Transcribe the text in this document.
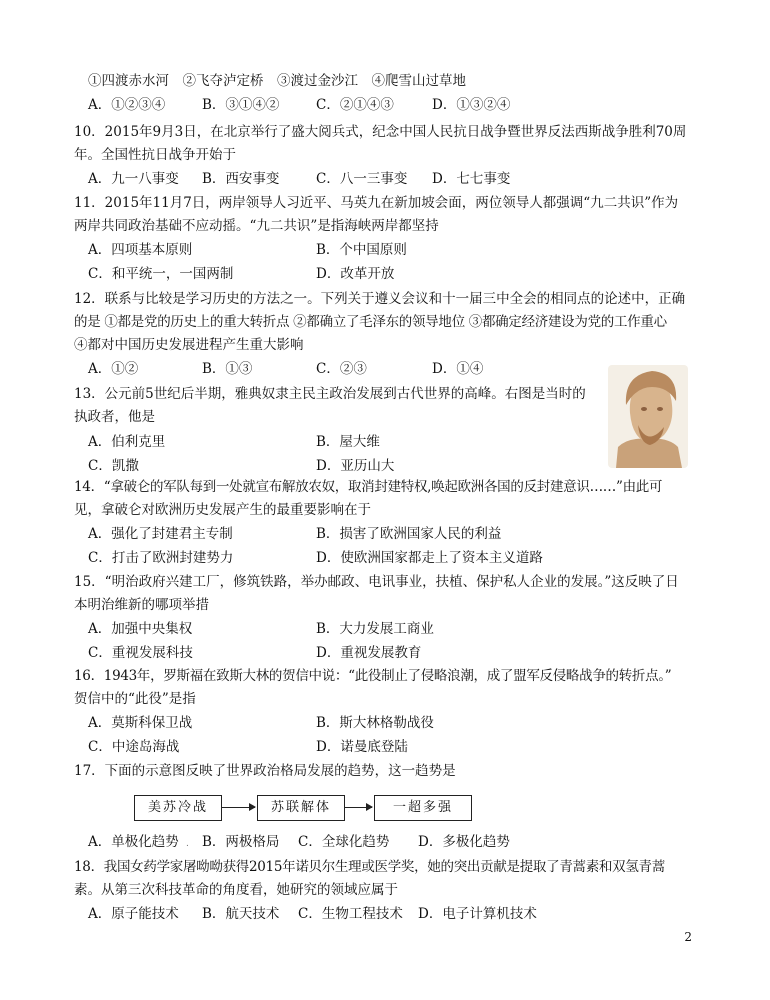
①四渡赤水河　②飞夺泸定桥　③渡过金沙江　④爬雪山过草地
A．①②③④	B．③①④②	C．②①④③	D．①③②④
10．2015年9月3日，在北京举行了盛大阅兵式，纪念中国人民抗日战争暨世界反法西斯战争胜利70周
年。全国性抗日战争开始于
A．九一八事变 B．西安事变	C．八一三事变 D．七七事变
11．2015年11月7日，两岸领导人习近平、马英九在新加坡会面，两位领导人都强调“九二共识”作为
两岸共同政治基础不应动摇。“九二共识”是指海峡两岸都坚持
A．四项基本原则	B．个中国原则
C．和平统一，一国两制	D．改革开放
12．联系与比较是学习历史的方法之一。下列关于遵义会议和十一届三中全会的相同点的论述中，正确
的是 ①都是党的历史上的重大转折点 ②都确立了毛泽东的领导地位 ③都确定经济建设为党的工作重心
④都对中国历史发展进程产生重大影响
A．①②	B．①③	C．②③	D．①④
13．公元前5世纪后半期，雅典奴隶主民主政治发展到古代世界的高峰。右图是当时的
执政者，他是
A．伯利克里	B．屋大维
C．凯撒	D．亚历山大
14．“拿破仑的军队每到一处就宣布解放农奴，取消封建特权,唤起欧洲各国的反封建意识……”由此可
见，拿破仑对欧洲历史发展产生的最重要影响在于
A．强化了封建君主专制	B．损害了欧洲国家人民的利益
C．打击了欧洲封建势力	D．使欧洲国家都走上了资本主义道路
15．“明治政府兴建工厂，修筑铁路，举办邮政、电讯事业，扶植、保护私人企业的发展。”这反映了日
本明治维新的哪项举措
A．加强中央集权	B．大力发展工商业
C．重视发展科技	D．重视发展教育
16．1943年，罗斯福在致斯大林的贺信中说：“此役制止了侵略浪潮，成了盟军反侵略战争的转折点。”
贺信中的“此役”是指
A．莫斯科保卫战	B．斯大林格勒战役
C．中途岛海战	D．诺曼底登陆
17．下面的示意图反映了世界政治格局发展的趋势，这一趋势是
美苏冷战	苏联解体	一超多强
A．单极化趋势 . B．两极格局 C．全球化趋势 D．多极化趋势
18．我国女药学家屠呦呦获得2015年诺贝尔生理或医学奖，她的突出贡献是提取了青蒿素和双氢青蒿
素。从第三次科技革命的角度看，她研究的领域应属于
A．原子能技术 B．航天技术 C．生物工程技术 D．电子计算机技术
2
